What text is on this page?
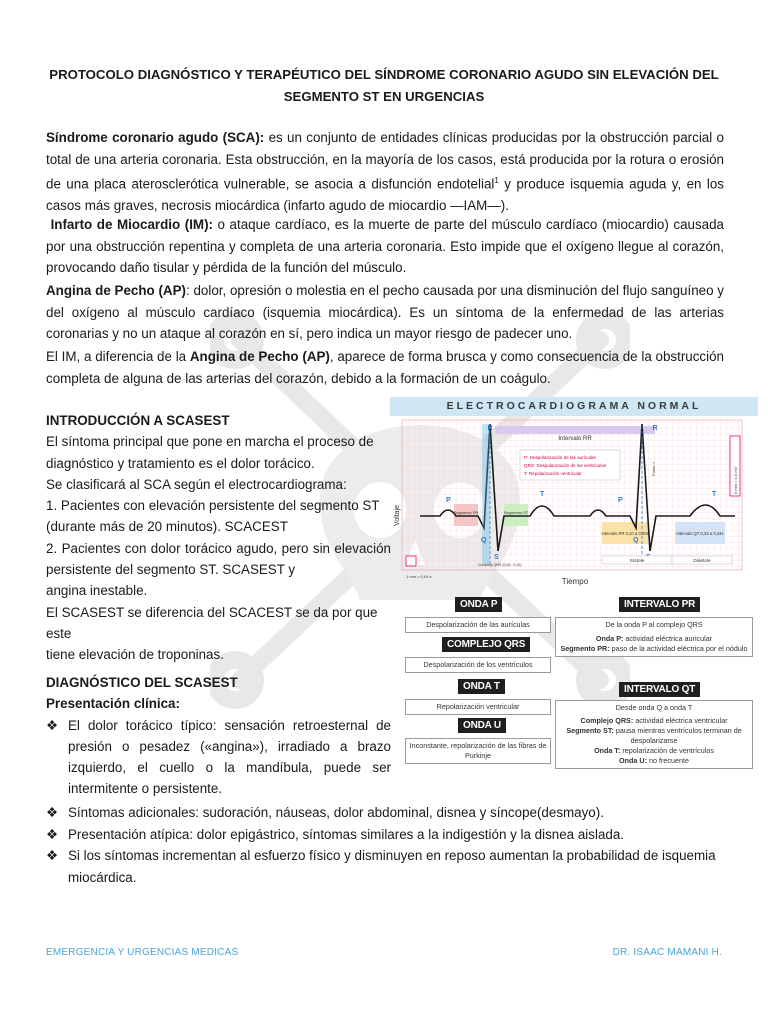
PROTOCOLO DIAGNÓSTICO Y TERAPÉUTICO DEL SÍNDROME CORONARIO AGUDO SIN ELEVACIÓN DEL
SEGMENTO ST EN URGENCIAS
Síndrome coronario agudo (SCA): es un conjunto de entidades clínicas producidas por la obstrucción parcial o total de una arteria coronaria. Esta obstrucción, en la mayoría de los casos, está producida por la rotura o erosión de una placa aterosclerótica vulnerable, se asocia a disfunción endotelial$^1$ y produce isquemia aguda y, en los casos más graves, necrosis miocárdica (infarto agudo de miocardio —IAM—).
Infarto de Miocardio (IM): o ataque cardíaco, es la muerte de parte del músculo cardíaco (miocardio) causada por una obstrucción repentina y completa de una arteria coronaria. Esto impide que el oxígeno llegue al corazón, provocando daño tisular y pérdida de la función del músculo.
Angina de Pecho (AP): dolor, opresión o molestia en el pecho causada por una disminución del flujo sanguíneo y del oxígeno al músculo cardíaco (isquemia miocárdica). Es un síntoma de la enfermedad de las arterias coronarias y no un ataque al corazón en sí, pero indica un mayor riesgo de padecer uno.
El IM, a diferencia de la Angina de Pecho (AP), aparece de forma brusca y como consecuencia de la obstrucción completa de alguna de las arterias del corazón, debido a la formación de un coágulo.
INTRODUCCIÓN A SCASEST
El síntoma principal que pone en marcha el proceso de
diagnóstico y tratamiento es el dolor torácico.
Se clasificará al SCA según el electrocardiograma:
1. Pacientes con elevación persistente del segmento ST
(durante más de 20 minutos). SCACEST
2. Pacientes con dolor torácico agudo, pero sin elevación persistente del segmento ST. SCASEST y
angina inestable.
El SCASEST se diferencia del SCACEST se da por que este
tiene elevación de troponinas.
DIAGNÓSTICO DEL SCASEST
Presentación clínica:
❖ El dolor torácico típico: sensación retroesternal de presión o pesadez («angina»), irradiado a brazo izquierdo, el cuello o la mandíbula, puede ser intermitente o persistente.
❖ Síntomas adicionales: sudoración, náuseas, dolor abdominal, disnea y síncope(desmayo).
❖ Presentación atípica: dolor epigástrico, síntomas similares a la indigestión y la disnea aislada.
❖ Si los síntomas incrementan al esfuerzo físico y disminuyen en reposo aumentan la probabilidad de isquemia miocárdica.
ELECTROCARDIOGRAMA NORMAL
Intervalo RR
P: Despolarización de las aurículas
QRS: Despolarización de los ventrículos
T: Repolarización ventricular
Segmento PR	Segmento ST
Intervalo PR 0,10 a 0,20s	Intervalo QT 0,33 a 0,44s
R	R
P	P
T	T
Q	Q
S
Punto J
Sístole	Diástole
5 mm = 0,5 mV
1 mm = 0,04 s
Complejo QRS (0,06 - 0,10)
Voltaje
Tiempo
ONDA P
Despolarización de las aurículas
COMPLEJO QRS
Despolarización de los ventrículos
ONDA T
Repolarización ventricular
ONDA U
Inconstante, repolarización de las fibras de Purkinje
INTERVALO PR
De la onda P al complejo QRS
Onda P: actividad eléctrica auricular
Segmento PR: paso de la actividad eléctrica por el nódulo
INTERVALO QT
Desde onda Q a onda T
Complejo QRS: actividad eléctrica ventricular
Segmento ST: pausa mientras ventrículos terminan de despolarizarse
Onda T: repolarización de ventrículos
Onda U: no frecuente
EMERGENCIA Y URGENCIAS MEDICAS	DR. ISAAC MAMANI H.
